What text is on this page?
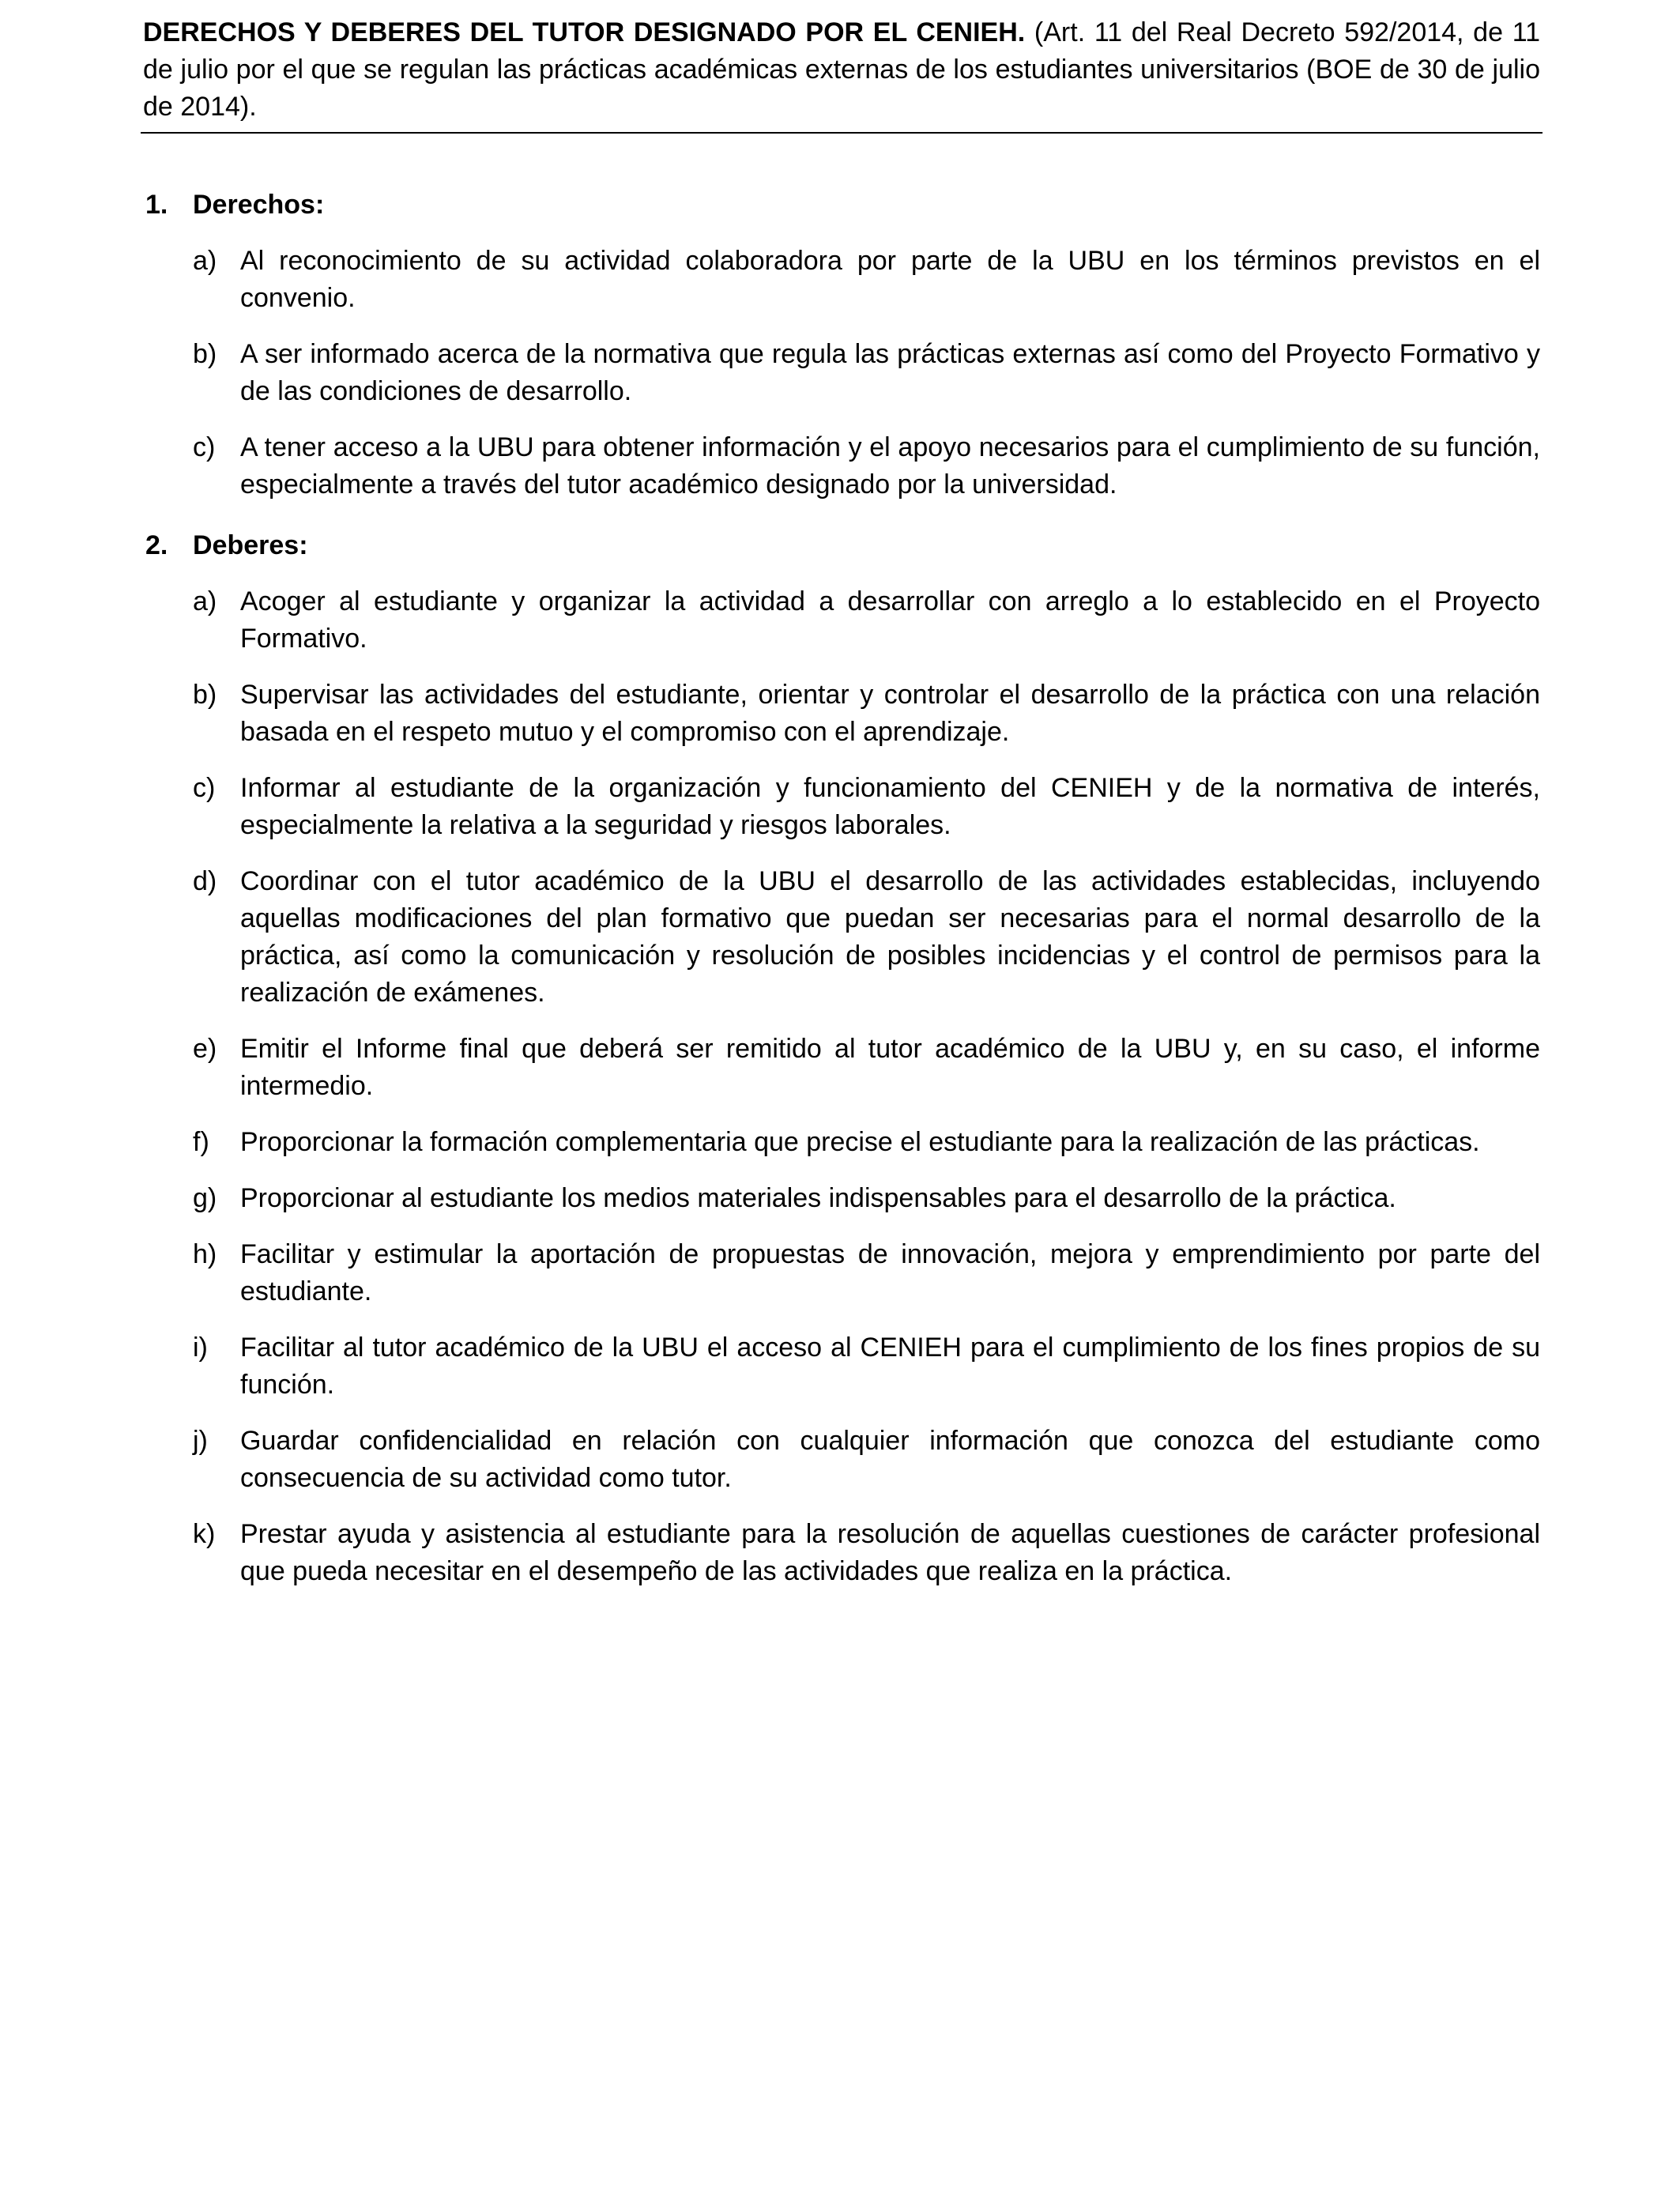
DERECHOS Y DEBERES DEL TUTOR DESIGNADO POR EL CENIEH. (Art. 11 del Real Decreto 592/2014, de 11 de julio por el que se regulan las prácticas académicas externas de los estudiantes universitarios (BOE de 30 de julio de 2014).
1. Derechos:
a) Al reconocimiento de su actividad colaboradora por parte de la UBU en los términos previstos en el convenio.
b) A ser informado acerca de la normativa que regula las prácticas externas así como del Proyecto Formativo y de las condiciones de desarrollo.
c) A tener acceso a la UBU para obtener información y el apoyo necesarios para el cumplimiento de su función, especialmente a través del tutor académico designado por la universidad.
2. Deberes:
a) Acoger al estudiante y organizar la actividad a desarrollar con arreglo a lo establecido en el Proyecto Formativo.
b) Supervisar las actividades del estudiante, orientar y controlar el desarrollo de la práctica con una relación basada en el respeto mutuo y el compromiso con el aprendizaje.
c) Informar al estudiante de la organización y funcionamiento del CENIEH y de la normativa de interés, especialmente la relativa a la seguridad y riesgos laborales.
d) Coordinar con el tutor académico de la UBU el desarrollo de las actividades establecidas, incluyendo aquellas modificaciones del plan formativo que puedan ser necesarias para el normal desarrollo de la práctica, así como la comunicación y resolución de posibles incidencias y el control de permisos para la realización de exámenes.
e) Emitir el Informe final que deberá ser remitido al tutor académico de la UBU y, en su caso, el informe intermedio.
f) Proporcionar la formación complementaria que precise el estudiante para la realización de las prácticas.
g) Proporcionar al estudiante los medios materiales indispensables para el desarrollo de la práctica.
h) Facilitar y estimular la aportación de propuestas de innovación, mejora y emprendimiento por parte del estudiante.
i) Facilitar al tutor académico de la UBU el acceso al CENIEH para el cumplimiento de los fines propios de su función.
j) Guardar confidencialidad en relación con cualquier información que conozca del estudiante como consecuencia de su actividad como tutor.
k) Prestar ayuda y asistencia al estudiante para la resolución de aquellas cuestiones de carácter profesional que pueda necesitar en el desempeño de las actividades que realiza en la práctica.
